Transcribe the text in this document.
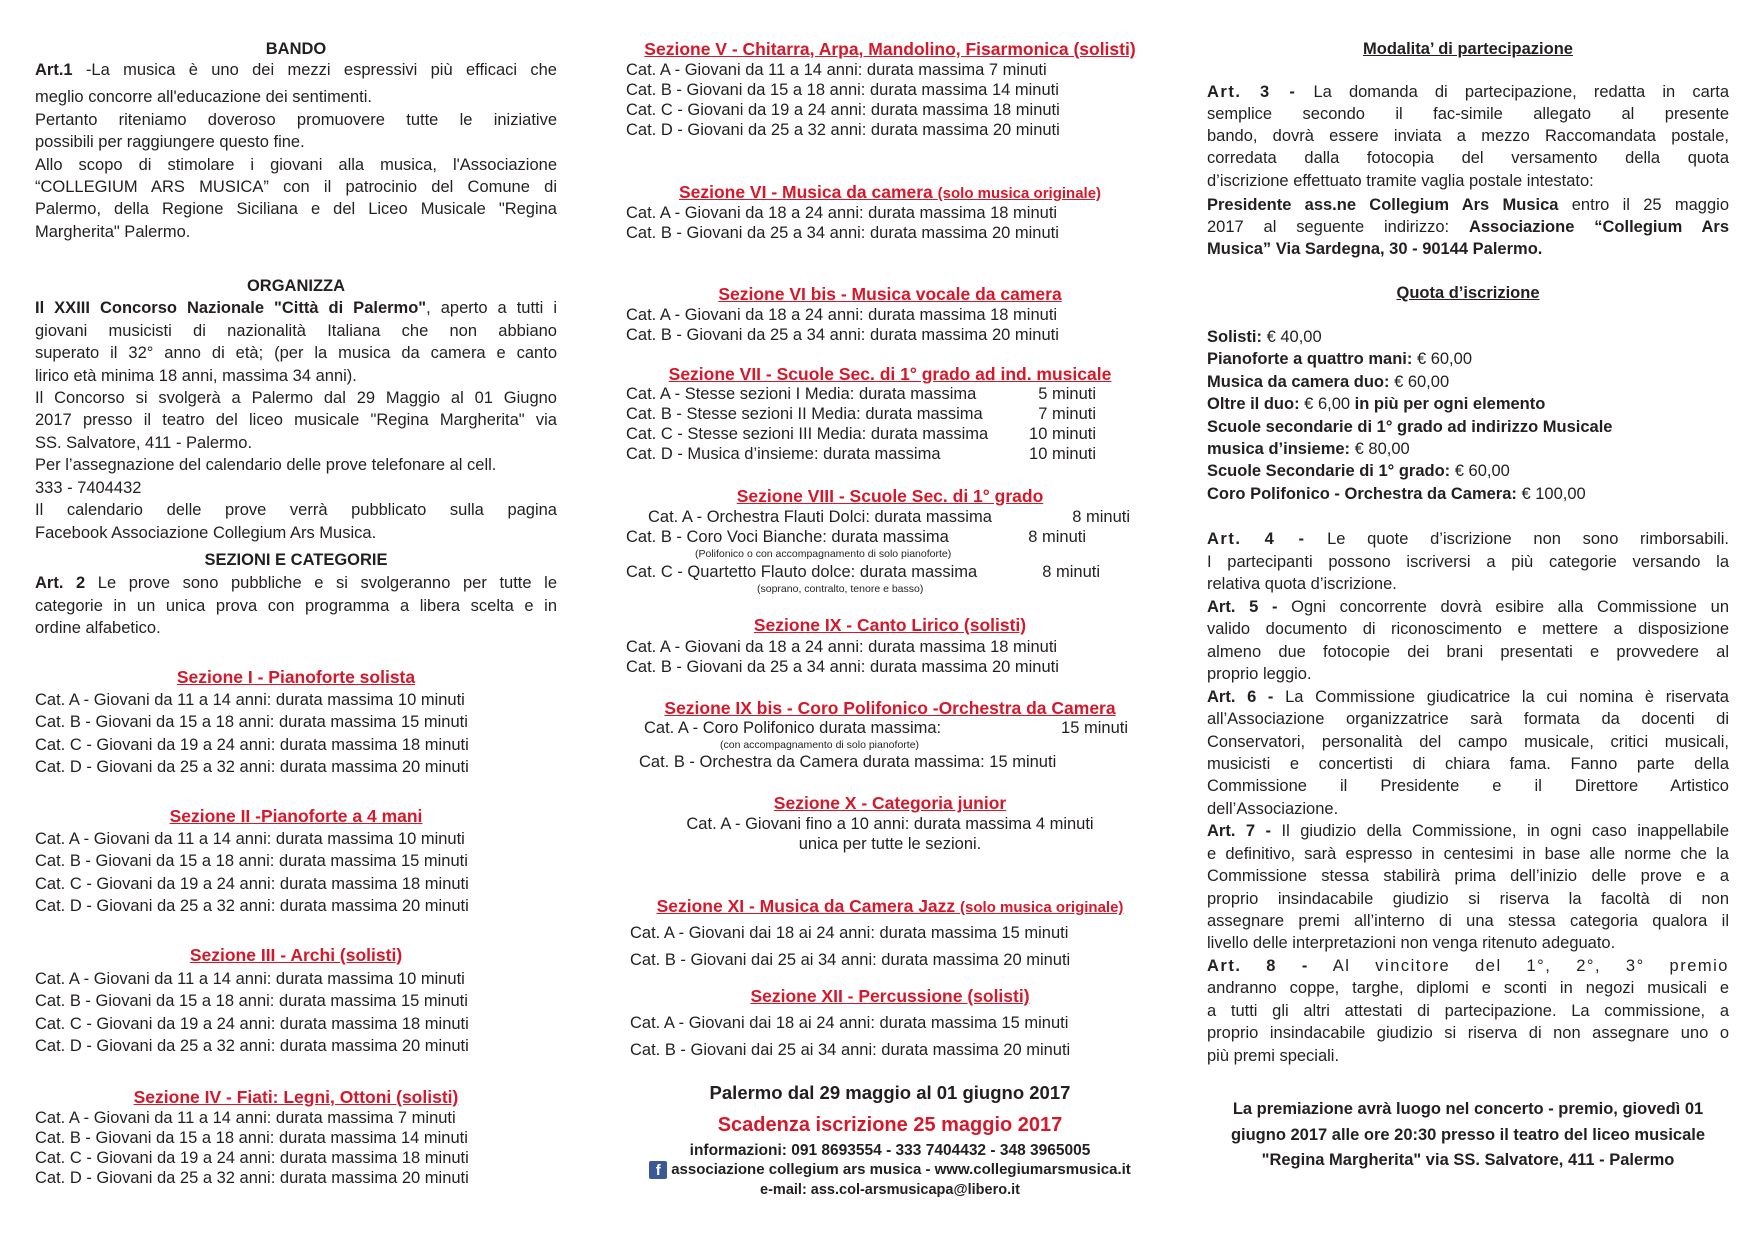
BANDO
Art.1 -La musica è uno dei mezzi espressivi più efficaci che
meglio concorre all'educazione dei sentimenti.
Pertanto riteniamo doveroso promuovere tutte le iniziative
possibili per raggiungere questo fine.
Allo scopo di stimolare i giovani alla musica, l'Associazione
“COLLEGIUM ARS MUSICA” con il patrocinio del Comune di
Palermo, della Regione Siciliana e del Liceo Musicale "Regina
Margherita" Palermo.
ORGANIZZA
Il XXIII Concorso Nazionale "Città di Palermo", aperto a tutti i
giovani musicisti di nazionalità Italiana che non abbiano
superato il 32° anno di età; (per la musica da camera e canto
lirico età minima 18 anni, massima 34 anni).
Il Concorso si svolgerà a Palermo dal 29 Maggio al 01 Giugno
2017 presso il teatro del liceo musicale "Regina Margherita" via
SS. Salvatore, 411 - Palermo.
Per l’assegnazione del calendario delle prove telefonare al cell.
333 - 7404432
Il calendario delle prove verrà pubblicato sulla pagina
Facebook Associazione Collegium Ars Musica.
SEZIONI E CATEGORIE
Art. 2 Le prove sono pubbliche e si svolgeranno per tutte le
categorie in un unica prova con programma a libera scelta e in
ordine alfabetico.
Sezione I - Pianoforte solista
Cat. A - Giovani da 11 a 14 anni: durata massima 10 minuti
Cat. B - Giovani da 15 a 18 anni: durata massima 15 minuti
Cat. C - Giovani da 19 a 24 anni: durata massima 18 minuti
Cat. D - Giovani da 25 a 32 anni: durata massima 20 minuti
Sezione II -Pianoforte a 4 mani
Cat. A - Giovani da 11 a 14 anni: durata massima 10 minuti
Cat. B - Giovani da 15 a 18 anni: durata massima 15 minuti
Cat. C - Giovani da 19 a 24 anni: durata massima 18 minuti
Cat. D - Giovani da 25 a 32 anni: durata massima 20 minuti
Sezione III - Archi (solisti)
Cat. A - Giovani da 11 a 14 anni: durata massima 10 minuti
Cat. B - Giovani da 15 a 18 anni: durata massima 15 minuti
Cat. C - Giovani da 19 a 24 anni: durata massima 18 minuti
Cat. D - Giovani da 25 a 32 anni: durata massima 20 minuti
Sezione IV - Fiati: Legni, Ottoni (solisti)
Cat. A - Giovani da 11 a 14 anni: durata massima 7 minuti
Cat. B - Giovani da 15 a 18 anni: durata massima 14 minuti
Cat. C - Giovani da 19 a 24 anni: durata massima 18 minuti
Cat. D - Giovani da 25 a 32 anni: durata massima 20 minuti
Sezione V - Chitarra, Arpa, Mandolino, Fisarmonica (solisti)
Cat. A - Giovani da 11 a 14 anni: durata massima 7 minuti
Cat. B - Giovani da 15 a 18 anni: durata massima 14 minuti
Cat. C - Giovani da 19 a 24 anni: durata massima 18 minuti
Cat. D - Giovani da 25 a 32 anni: durata massima 20 minuti
Sezione VI - Musica da camera (solo musica originale)
Cat. A - Giovani da 18 a 24 anni: durata massima 18 minuti
Cat. B - Giovani da 25 a 34 anni: durata massima 20 minuti
Sezione VI bis - Musica vocale da camera
Cat. A - Giovani da 18 a 24 anni: durata massima 18 minuti
Cat. B - Giovani da 25 a 34 anni: durata massima 20 minuti
Sezione VII - Scuole Sec. di 1° grado ad ind. musicale
Cat. A - Stesse sezioni I Media: durata massima	5 minuti
Cat. B - Stesse sezioni II Media: durata massima	7 minuti
Cat. C - Stesse sezioni III Media: durata massima 10 minuti
Cat. D - Musica d’insieme: durata massima	10 minuti
Sezione VIII - Scuole Sec. di 1° grado
Cat. A - Orchestra Flauti Dolci: durata massima	8 minuti
Cat. B - Coro Voci Bianche: durata massima	8 minuti
(Polifonico o con accompagnamento di solo pianoforte)
Cat. C - Quartetto Flauto dolce: durata massima	8 minuti
(soprano, contralto, tenore e basso)
Sezione IX - Canto Lirico (solisti)
Cat. A - Giovani da 18 a 24 anni: durata massima 18 minuti
Cat. B - Giovani da 25 a 34 anni: durata massima 20 minuti
Sezione IX bis - Coro Polifonico -Orchestra da Camera
Cat. A - Coro Polifonico durata massima:	15 minuti
(con accompagnamento di solo pianoforte)
Cat. B - Orchestra da Camera durata massima: 15 minuti
Sezione X - Categoria junior
Cat. A - Giovani fino a 10 anni: durata massima 4 minuti
unica per tutte le sezioni.
Sezione XI - Musica da Camera Jazz (solo musica originale)
Cat. A - Giovani dai 18 ai 24 anni: durata massima 15 minuti
Cat. B - Giovani dai 25 ai 34 anni: durata massima 20 minuti
Sezione XII - Percussione (solisti)
Cat. A - Giovani dai 18 ai 24 anni: durata massima 15 minuti
Cat. B - Giovani dai 25 ai 34 anni: durata massima 20 minuti
Palermo dal 29 maggio al 01 giugno 2017
Scadenza iscrizione 25 maggio 2017
informazioni: 091 8693554 - 333 7404432 - 348 3965005
f associazione collegium ars musica - www.collegiumarsmusica.it
e-mail: ass.col-arsmusicapa@libero.it
Modalita’ di partecipazione
Art. 3 - La domanda di partecipazione, redatta in carta
semplice secondo il fac-simile allegato al presente
bando, dovrà essere inviata a mezzo Raccomandata postale,
corredata dalla fotocopia del versamento della quota
d’iscrizione effettuato tramite vaglia postale intestato:
Presidente ass.ne Collegium Ars Musica entro il 25 maggio
2017 al seguente indirizzo: Associazione “Collegium Ars
Musica” Via Sardegna, 30 - 90144 Palermo.
Quota d’iscrizione
Solisti: € 40,00
Pianoforte a quattro mani: € 60,00
Musica da camera duo: € 60,00
Oltre il duo: € 6,00 in più per ogni elemento
Scuole secondarie di 1° grado ad indirizzo Musicale
musica d’insieme: € 80,00
Scuole Secondarie di 1° grado: € 60,00
Coro Polifonico - Orchestra da Camera: € 100,00
Art. 4 - Le quote d’iscrizione non sono rimborsabili.
I partecipanti possono iscriversi a più categorie versando la
relativa quota d’iscrizione.
Art. 5 - Ogni concorrente dovrà esibire alla Commissione un
valido documento di riconoscimento e mettere a disposizione
almeno due fotocopie dei brani presentati e provvedere al
proprio leggio.
Art. 6 - La Commissione giudicatrice la cui nomina è riservata
all’Associazione organizzatrice sarà formata da docenti di
Conservatori, personalità del campo musicale, critici musicali,
musicisti e concertisti di chiara fama. Fanno parte della
Commissione il Presidente e il Direttore Artistico
dell’Associazione.
Art. 7 - Il giudizio della Commissione, in ogni caso inappellabile
e definitivo, sarà espresso in centesimi in base alle norme che la
Commissione stessa stabilirà prima dell’inizio delle prove e a
proprio insindacabile giudizio si riserva la facoltà di non
assegnare premi all’interno di una stessa categoria qualora il
livello delle interpretazioni non venga ritenuto adeguato.
Art. 8 - Al vincitore del 1°, 2°, 3° premio
andranno coppe, targhe, diplomi e sconti in negozi musicali e
a tutti gli altri attestati di partecipazione. La commissione, a
proprio insindacabile giudizio si riserva di non assegnare uno o
più premi speciali.
La premiazione avrà luogo nel concerto - premio, giovedì 01
giugno 2017 alle ore 20:30 presso il teatro del liceo musicale
"Regina Margherita" via SS. Salvatore, 411 - Palermo
